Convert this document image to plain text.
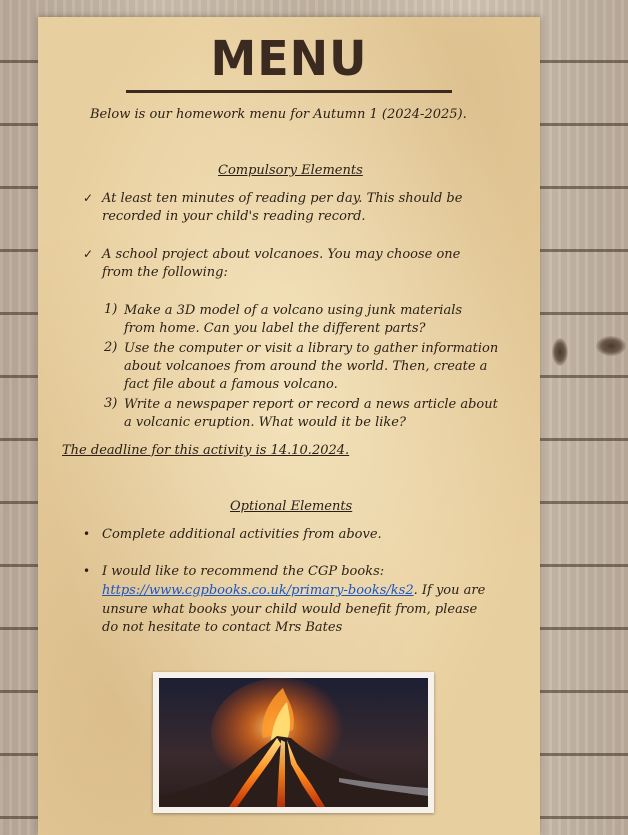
MENU
Below is our homework menu for Autumn 1 (2024-2025).
Compulsory Elements
✓ At least ten minutes of reading per day. This should be
recorded in your child's reading record.
✓ A school project about volcanoes. You may choose one
from the following:
1) Make a 3D model of a volcano using junk materials
from home. Can you label the different parts?
2) Use the computer or visit a library to gather information
about volcanoes from around the world. Then, create a
fact file about a famous volcano.
3) Write a newspaper report or record a news article about
a volcanic eruption. What would it be like?
The deadline for this activity is 14.10.2024.
Optional Elements
• Complete additional activities from above.
• I would like to recommend the CGP books:
https://www.cgpbooks.co.uk/primary-books/ks2. If you are
unsure what books your child would benefit from, please
do not hesitate to contact Mrs Bates
